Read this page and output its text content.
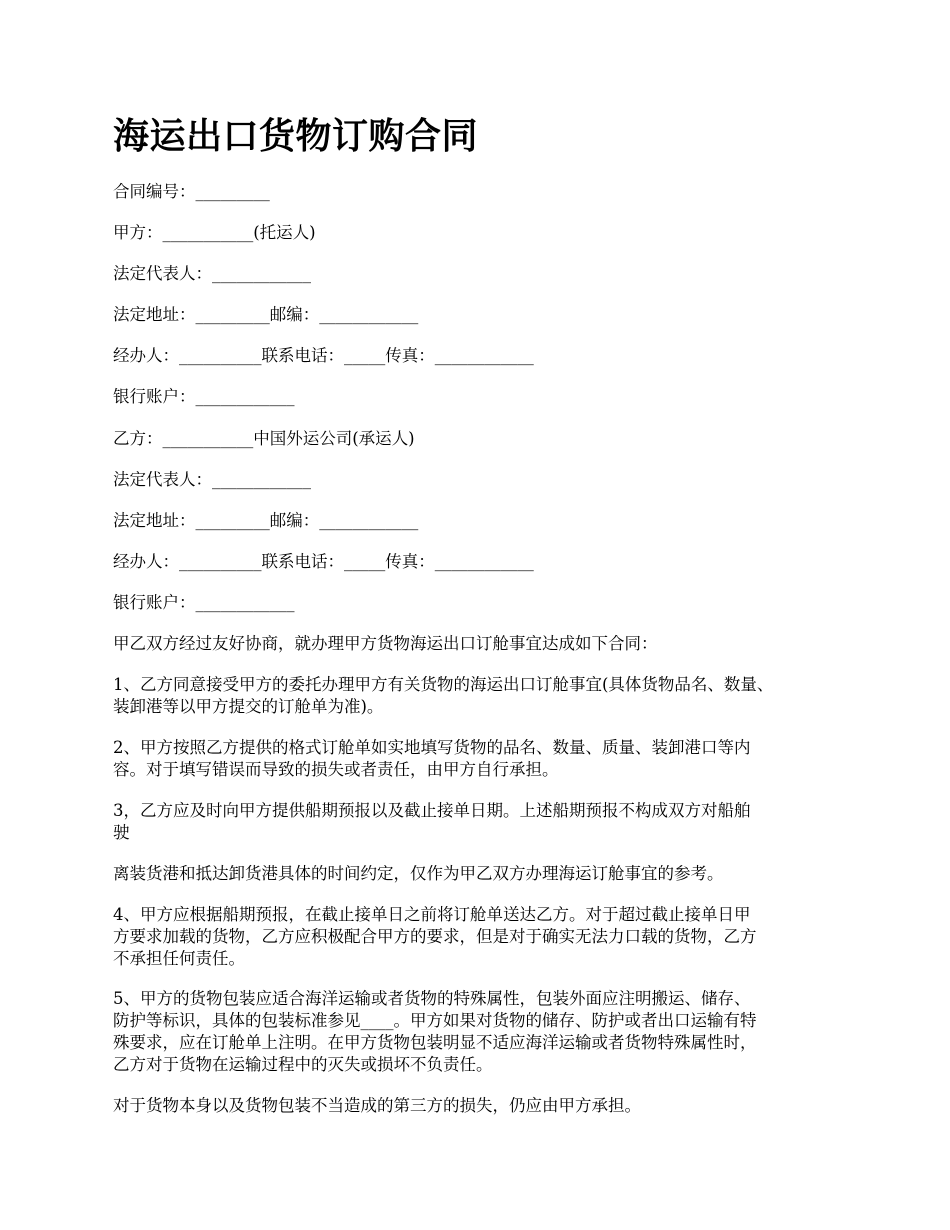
海运出口货物订购合同

合同编号：_________

甲方：___________(托运人)

法定代表人：____________

法定地址：_________邮编：____________

经办人：__________联系电话：_____传真：____________

银行账户：____________

乙方：___________中国外运公司(承运人)

法定代表人：____________

法定地址：_________邮编：____________

经办人：__________联系电话：_____传真：____________

银行账户：____________

甲乙双方经过友好协商，就办理甲方货物海运出口订舱事宜达成如下合同：

1、乙方同意接受甲方的委托办理甲方有关货物的海运出口订舱事宜(具体货物品名、数量、
装卸港等以甲方提交的订舱单为准)。
2、甲方按照乙方提供的格式订舱单如实地填写货物的品名、数量、质量、装卸港口等内
容。对于填写错误而导致的损失或者责任，由甲方自行承担。
3，乙方应及时向甲方提供船期预报以及截止接单日期。上述船期预报不构成双方对船舶
驶
离装货港和抵达卸货港具体的时间约定，仅作为甲乙双方办理海运订舱事宜的参考。
4、甲方应根据船期预报，在截止接单日之前将订舱单送达乙方。对于超过截止接单日甲
方要求加载的货物，乙方应积极配合甲方的要求，但是对于确实无法力口载的货物，乙方
不承担任何责任。
5、甲方的货物包装应适合海洋运输或者货物的特殊属性，包装外面应注明搬运、储存、
防护等标识，具体的包装标准参见____。甲方如果对货物的储存、防护或者出口运输有特
殊要求，应在订舱单上注明。在甲方货物包装明显不适应海洋运输或者货物特殊属性时，
乙方对于货物在运输过程中的灭失或损坏不负责任。
对于货物本身以及货物包装不当造成的第三方的损失，仍应由甲方承担。
